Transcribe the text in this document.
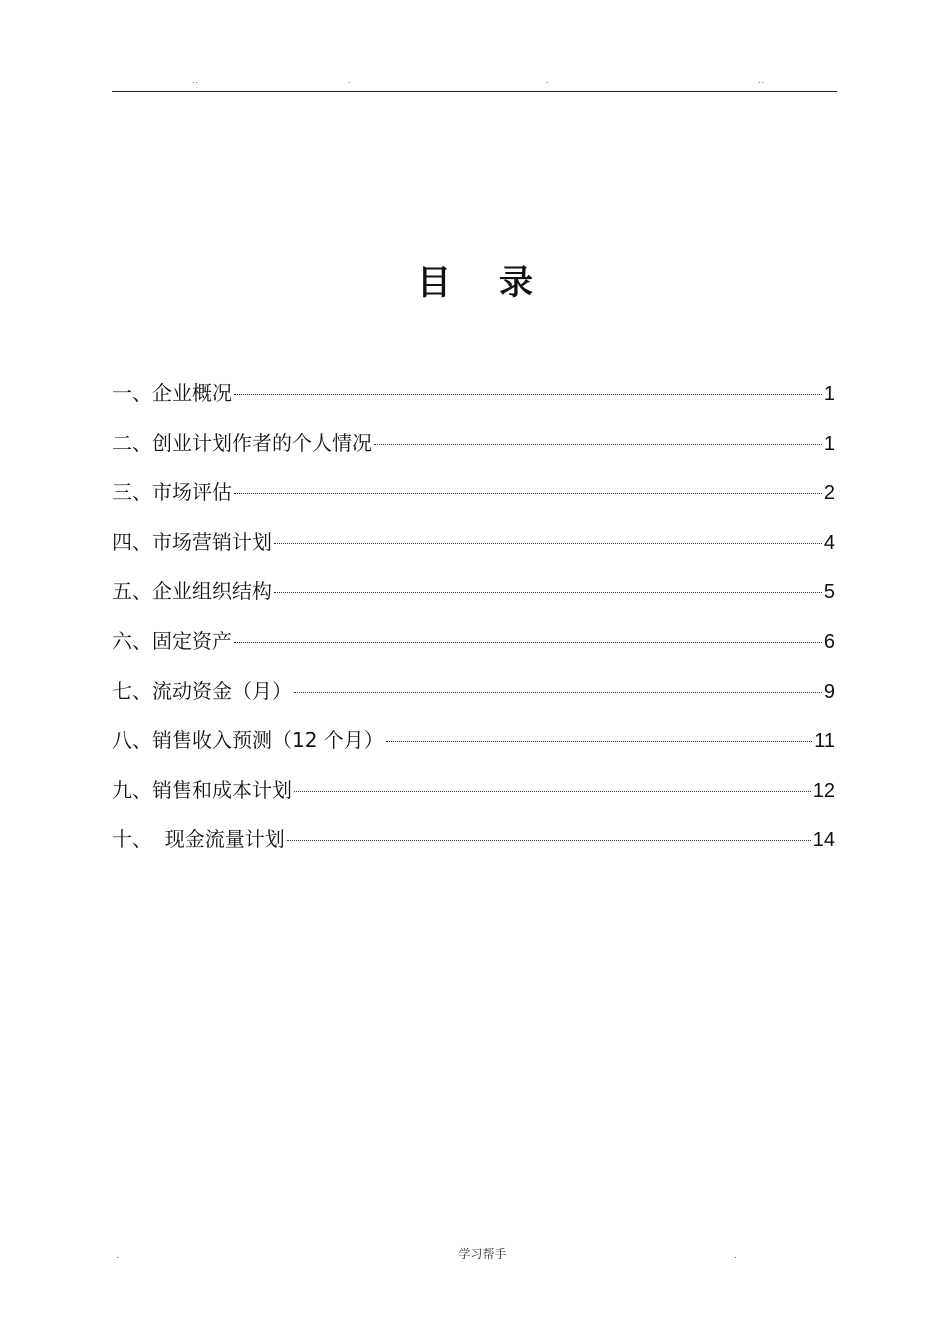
..	.	.	..
目 录
一、企业概况	1
二、创业计划作者的个人情况	1
三、市场评估	2
四、市场营销计划	4
五、企业组织结构	5
六、固定资产	6
七、流动资金（月）	9
八、销售收入预测（12 个月）	11
九、销售和成本计划	12
十、  现金流量计划	14
.	学习帮手	.
